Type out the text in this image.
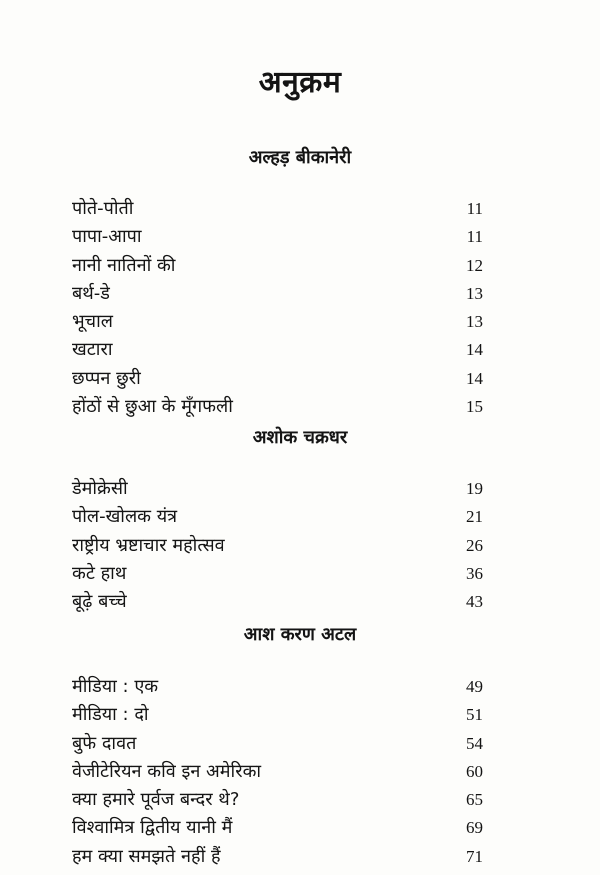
अनुक्रम
अल्हड़ बीकानेरी
पोते-पोती	11
पापा-आपा	11
नानी नातिनों की	12
बर्थ-डे	13
भूचाल	13
खटारा	14
छप्पन छुरी	14
होंठों से छुआ के मूँगफली	15
अशोक चक्रधर
डेमोक्रेसी	19
पोल-खोलक यंत्र	21
राष्ट्रीय भ्रष्टाचार महोत्सव	26
कटे हाथ	36
बूढ़े बच्चे	43
आश करण अटल
मीडिया : एक	49
मीडिया : दो	51
बुफे दावत	54
वेजीटेरियन कवि इन अमेरिका	60
क्या हमारे पूर्वज बन्दर थे?	65
विश्वामित्र द्वितीय यानी मैं	69
हम क्या समझते नहीं हैं	71
